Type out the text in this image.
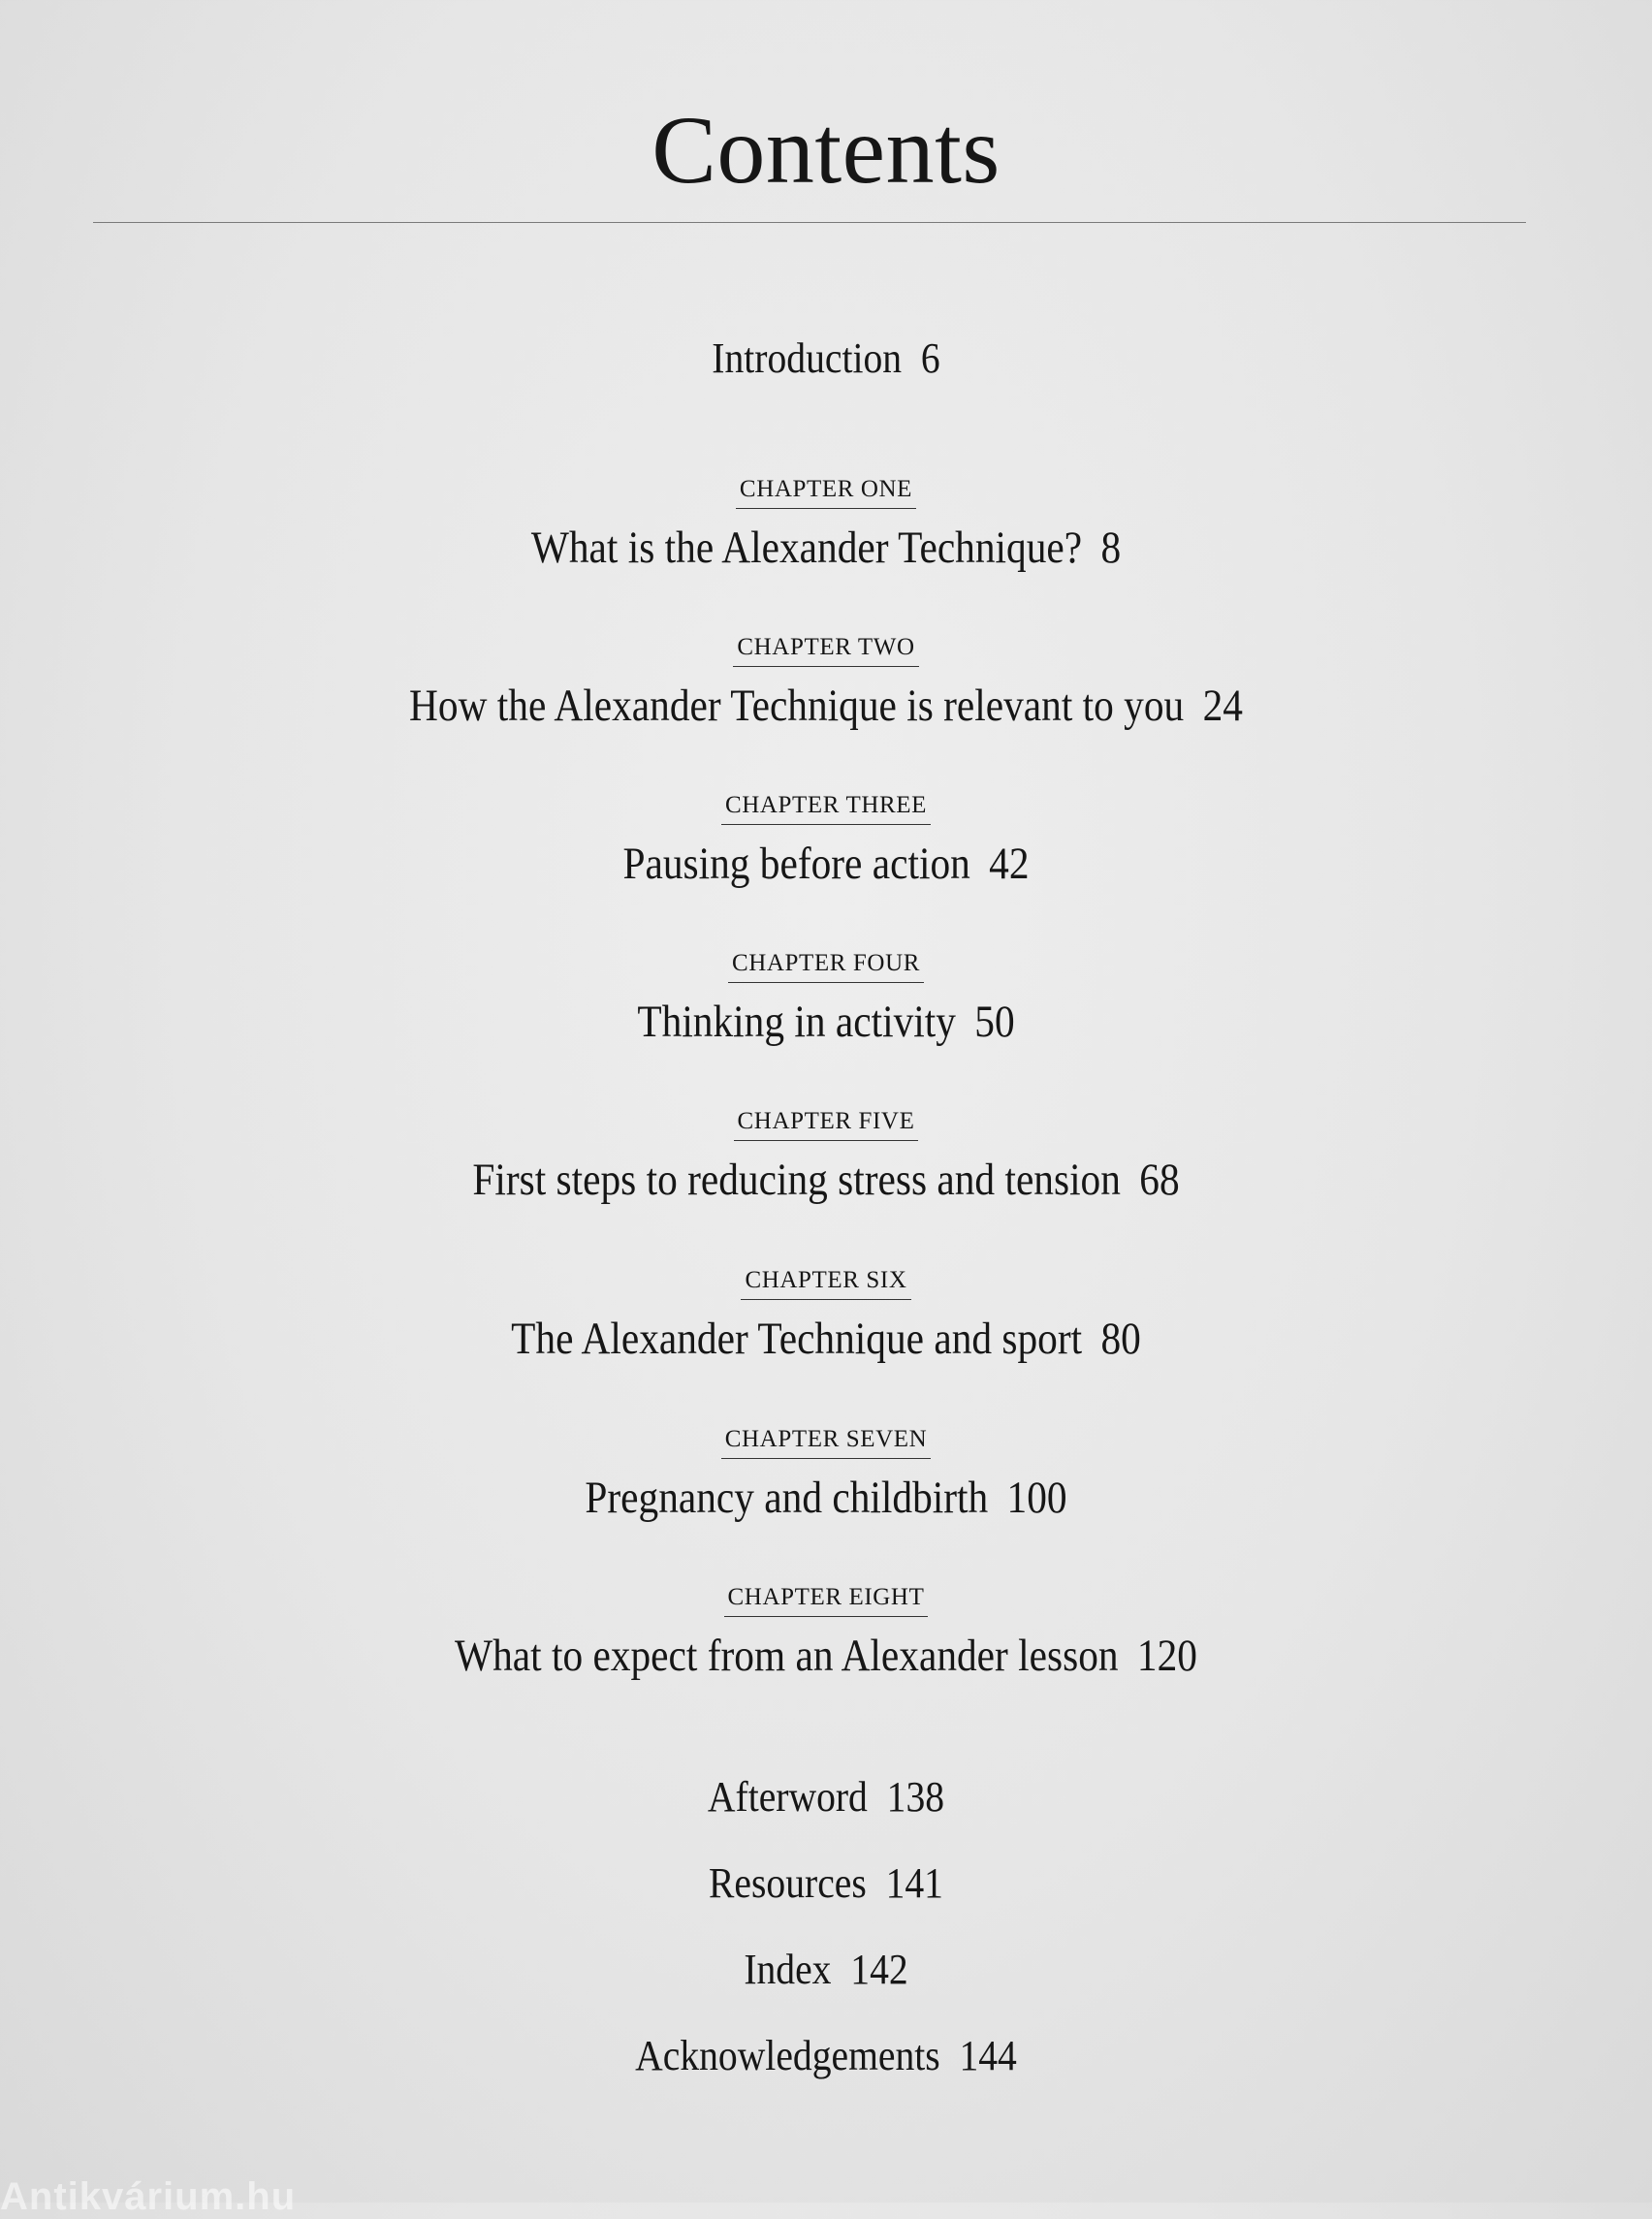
Contents
Introduction 6
CHAPTER ONE
What is the Alexander Technique? 8
CHAPTER TWO
How the Alexander Technique is relevant to you 24
CHAPTER THREE
Pausing before action 42
CHAPTER FOUR
Thinking in activity 50
CHAPTER FIVE
First steps to reducing stress and tension 68
CHAPTER SIX
The Alexander Technique and sport 80
CHAPTER SEVEN
Pregnancy and childbirth 100
CHAPTER EIGHT
What to expect from an Alexander lesson 120
Afterword 138
Resources 141
Index 142
Acknowledgements 144
Antikvárium.hu
